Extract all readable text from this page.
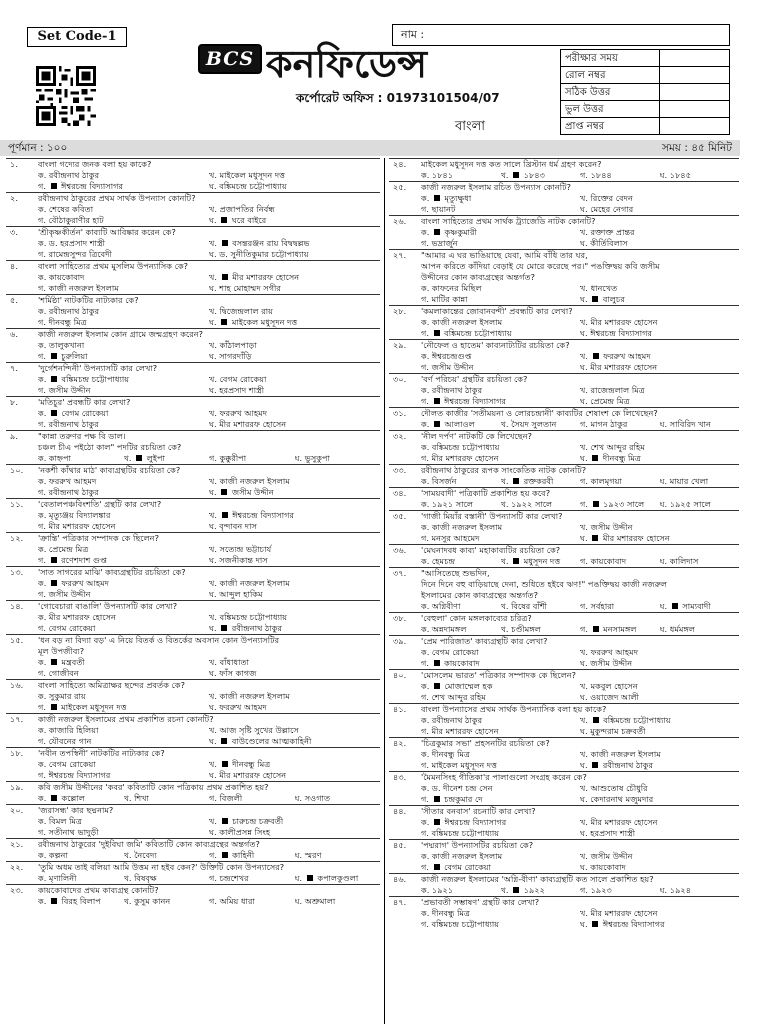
Set Code-1
BCS কনফিডেন্স
কর্পোরেট অফিস : 01973101504/07
বাংলা
নাম :
পরীক্ষার সময়	
রোল নম্বর	
সঠিক উত্তর	
ভুল উত্তর	
প্রাপ্ত নম্বর	
পূর্ণমান : ১০০	সময় : ৪৫ মিনিট
১.	বাংলা গদ্যের জনক বলা হয় কাকে?
ক. রবীন্দ্রনাথ ঠাকুর	খ. মাইকেল মধুসূদন দত্ত
গ.  ঈশ্বরচন্দ্র বিদ্যাসাগর	ঘ. বঙ্কিমচন্দ্র চট্টোপাধ্যায়
২.	রবীন্দ্রনাথ ঠাকুরের প্রথম সার্থক উপন্যাস কোনটি?
ক. শেষের কবিতা	খ. প্রজাপতির নির্বন্ধ
গ. বৌঠাকুরাণীর হাট	ঘ.  ঘরে বাইরে
৩.	'শ্রীকৃষ্ণকীর্তন' কাব্যটি আবিষ্কার করেন কে?
ক. ড. হরপ্রসাদ শাস্ত্রী	খ.  বসন্তরঞ্জন রায় বিদ্বদ্বল্লভ
গ. রামেন্দ্রসুন্দর ত্রিবেদী	ঘ. ড. সুনীতিকুমার চট্টোপাধ্যায়
৪.	বাংলা সাহিত্যের প্রথম মুসলিম উপন্যাসিক কে?
ক. কায়কোবাদ	খ.  মীর মশাররফ হোসেন
গ. কাজী নজরুল ইসলাম	ঘ. শাহ মোহাম্মদ সগীর
৫.	'শর্মিষ্ঠা' নাটকটির নাট্যকার কে?
ক. রবীন্দ্রনাথ ঠাকুর	খ. দ্বিজেন্দ্রলাল রায়
গ. দীনবন্ধু মিত্র	ঘ.  মাইকেল মধুসূদন দত্ত
৬.	কাজী নজরুল ইসলাম কোন গ্রামে জন্মগ্রহণ করেন?
ক. তালুকখানা	খ. কাঁঠালপাড়া
গ.  চুরুলিয়া	ঘ. সাগরদাঁড়ি
৭.	'দুর্গেশনন্দিনী' উপন্যাসটি কার লেখা?
ক.  বঙ্কিমচন্দ্র চট্টোপাধ্যায়	খ. বেগম রোকেয়া
গ. জসীম উদ্দীন	ঘ. হরপ্রসাদ শাস্ত্রী
৮.	'মতিচুর' প্রবন্ধটি কার লেখা?
ক.  বেগম রোকেয়া	খ. ফররুখ আহমদ
গ. রবীন্দ্রনাথ ঠাকুর	ঘ. মীর মশাররফ হোসেন
৯.	"কান্না তরুণর পক্ষ বি ডাল।
চঞ্চল চীএ পইঠো কাল" পদটির রচয়িতা কে?
ক. কাহ্নপা	খ.  লুইপা	গ. কুক্কুরীপা	ঘ. ভুসুকুপা
১০.	'নকশী কাঁথার মাঠ' কাব্যগ্রন্থটির রচয়িতা কে?
ক. ফররুখ আহমদ	খ. কাজী নজরুল ইসলাম
গ. রবীন্দ্রনাথ ঠাকুর	ঘ.  জসীম উদ্দীন
১১.	'বেতালপঞ্চবিংশতি' গ্রন্থটি কার লেখা?
ক. মৃত্যুঞ্জয় বিদ্যালঙ্কার	খ.  ঈশ্বরচন্দ্র বিদ্যাসাগর
গ. মীর মশাররফ হোসেন	ঘ. বৃন্দাবন দাস
১২.	'ক্রান্তি' পত্রিকার সম্পাদক কে ছিলেন?
ক. প্রেমেন্দ্র মিত্র	খ. সত্যেন্দ্র ভট্টাচার্য
গ.  রণেশদাশ গুপ্ত	ঘ. সজনীকান্ত দাস
১৩.	'সাত সাগরের মাঝি' কাব্যগ্রন্থটির রচয়িতা কে?
ক.  ফররুখ আহমদ	খ. কাজী নজরুল ইসলাম
গ. জসীম উদ্দীন	ঘ. আব্দুল হাকিম
১৪.	'গোবেচারা বাঙালি' উপন্যাসটি কার লেখা?
ক. মীর মশাররফ হোসেন	খ. বঙ্কিমচন্দ্র চট্টোপাধ্যায়
গ. বেগম রোকেয়া	ঘ.  রবীন্দ্রনাথ ঠাকুর
১৫.	'ধন বড় না বিদ্যা বড়' এ নিয়ে বিতর্ক ও বিতর্কের অবসান কোন উপন্যাসটির
মূল উপজীব্য?
ক.  মন্ত্রবতী	খ. বাঁধাধাতা
গ. গোজীবন	ঘ. ফাঁস কাগজ
১৬.	বাংলা সাহিত্যে অমিত্রাক্ষর ছন্দের প্রবর্তক কে?
ক. সুকুমার রায়	খ. কাজী নজরুল ইসলাম
গ.  মাইকেল মধুসূদন দত্ত	ঘ. ফররুখ আহমদ
১৭.	কাজী নজরুল ইসলামের প্রথম প্রকাশিত রচনা কোনটি?
ক. কাজারি হিলিয়া	খ. আজ সৃষ্টি সুখের উল্লাসে
গ. যৌবনের গান	ঘ.  বাউণ্ডেলের আত্মকাহিনী
১৮.	'নবীন তপস্বিনী' নাটকটির নাট্যকার কে?
ক. বেগম রোকেয়া	খ.  দীনবন্ধু মিত্র
গ. ঈশ্বরচন্দ্র বিদ্যাসাগর	ঘ. মীর মশাররফ হোসেন
১৯.	কবি জসীম উদ্দীনের 'কবর' কবিতাটি কোন পত্রিকায় প্রথম প্রকাশিত হয়?
ক.  কল্লোল	খ. শিখা	গ. বিজলী	ঘ. সওগাত
২০.	'জরাসন্ধ' কার ছদ্মনাম?
ক. বিমল মিত্র	খ.  চারুচন্দ্র চক্রবর্তী
গ. সতীনাথ ভাদুড়ী	ঘ. কালীপ্রসন্ন সিংহ
২১.	রবীন্দ্রনাথ ঠাকুরের 'দুইবিঘা জমি' কবিতাটি কোন কাব্যগ্রন্থের অন্তর্গত?
ক. কল্পনা	খ. নৈবেদ্য	গ.  কাহিনী	ঘ. স্মরণ
২২.	'তুমি অধম তাই বলিয়া আমি উত্তম না হইব কেন?' উক্তিটি কোন উপন্যাসের?
ক. মৃণালিনী	খ. বিষবৃক্ষ	গ. চন্দ্রশেখর	ঘ.  কপালকুণ্ডলা
২৩.	কায়কোবাদের প্রথম কাব্যগ্রন্থ কোনটি?
ক.  বিরহ বিলাপ	খ. কুসুম কানন	গ. অমিয় ধারা	ঘ. অশ্রুমালা
২৪.	মাইকেল মধুসূদন দত্ত কত সালে খ্রিস্টান ধর্ম গ্রহণ করেন?
ক. ১৮৪১	খ.  ১৮৪৩	গ. ১৮৪৪	ঘ. ১৮৪৫
২৫.	কাজী নজরুল ইসলাম রচিত উপন্যাস কোনটি?
ক.  মৃত্যুক্ষুধা	খ. রিক্তের বেদন
গ. ছায়ানট	ঘ. মেহের নেগার
২৬.	বাংলা সাহিত্যের প্রথম সার্থক ট্র্যাজেডি নাটক কোনটি?
ক.  কৃষ্ণকুমারী	খ. রক্তাক্ত প্রান্তর
গ. ভদ্রার্জুন	ঘ. কীর্তিবিলাস
২৭.	"আমার এ ঘর ভাঙিয়াছে যেবা, আমি বাঁধি তার ঘর,
আপন করিতে কাঁদিয়া বেড়াই যে মোরে করেছে পর।" পঙক্তিদ্বয় কবি জসীম
উদ্দীনের কোন কাব্যগ্রন্থের অন্তর্গত?
ক. কাফনের মিছিল	খ. ধানখেত
গ. মাটির কান্না	ঘ.  বালুচর
২৮.	'কমলাকান্তের জোবানবন্দী' প্রবন্ধটি কার লেখা?
ক. কাজী নজরুল ইসলাম	খ. মীর মশাররফ হোসেন
গ.  বঙ্কিমচন্দ্র চট্টোপাধ্যায়	ঘ. ঈশ্বরচন্দ্র বিদ্যাসাগর
২৯.	'নৌফেল ও হাতেম' কাব্যনাট্যটির রচয়িতা কে?
ক. ঈশ্বরচন্দ্রগুপ্ত	খ.  ফররুখ আহমদ
গ. জসীম উদ্দীন	ঘ. মীর মশাররফ হোসেন
৩০.	'বর্ণ পরিচয়' গ্রন্থটির রচয়িতা কে?
ক. রবীন্দ্রনাথ ঠাকুর	খ. রাজেন্দ্রলাল মিত্র
গ.  ঈশ্বরচন্দ্র বিদ্যাসাগর	ঘ. প্রেমেন্দ্র মিত্র
৩১.	দৌলত কাজীর 'সতীময়না ও লোরচন্দ্রানী' কাব্যটির শেষাংশ কে লিখেছেন?
ক.  আলাওল	খ. সৈয়দ সুলতান	গ. মাগন ঠাকুর	ঘ. সাবিরিদ খান
৩২.	'নীল দর্পণ' নাটকটি কে লিখেছেন?
ক. বঙ্কিমচন্দ্র চট্টোপাধ্যায়	খ. শেখ আব্দুর রহিম
গ. মীর মশাররফ হোসেন	ঘ.  দীনবন্ধু মিত্র
৩৩.	রবীন্দ্রনাথ ঠাকুরের রূপক সাংকেতিক নাটক কোনটি?
ক. বিসর্জন	খ.  রক্তকরবী	গ. কালমৃগয়া	ঘ. মায়ার খেলা
৩৪.	'সাময়বাদী' পত্রিকাটি প্রকাশিত হয় কবে?
ক. ১৯২১ সালে	খ. ১৯২২ সালে	গ.  ১৯২৩ সালে	ঘ. ১৯২৫ সালে
৩৫.	'গাজী মিয়াঁর বস্তানী' উপন্যাসটি কার লেখা?
ক. কাজী নজরুল ইসলাম	খ. জসীম উদ্দীন
গ. মনসুর আহমেদ	ঘ.  মীর মশাররফ হোসেন
৩৬.	'মেঘনাদবধ কাব্য' মহাকাব্যটির রচয়িতা কে?
ক. হেমচন্দ্র	খ.  মধুসূদন দত্ত	গ. কায়কোবাদ	ঘ. কালিদাস
৩৭.	"আসিতেছে শুভদিন,
দিনে দিনে বহু বাড়িয়াছে দেনা, শুধিতে হইবে ঋণ!" পঙক্তিদ্বয় কাজী নজরুল
ইসলামের কোন কাব্যগ্রন্থের অন্তর্গত?
ক. অগ্নিবীণা	খ. বিষের বাঁশী	গ. সর্বহারা	ঘ.  সাম্যবাদী
৩৮.	'বেহুলা' কোন মঙ্গলকাব্যের চরিত্র?
ক. অন্নদামঙ্গল	খ. চণ্ডীমঙ্গল	গ.  মনসামঙ্গল	ঘ. ধর্মমঙ্গল
৩৯.	'প্রেম পারিজাত' কাব্যগ্রন্থটি কার লেখা?
ক. বেগম রোকেয়া	খ. ফররুখ আহমদ
গ.  কায়কোবাদ	ঘ. জসীম উদ্দীন
৪০.	'মোসলেম ভারত' পত্রিকার সম্পাদক কে ছিলেন?
ক.  মোজাম্মেল হক	খ. মকবুল হোসেন
গ. শেখ আব্দুর রহিম	ঘ. ওয়াজেদ আলী
৪১.	বাংলা উপন্যাসের প্রথম সার্থক উপন্যাসিক বলা হয় কাকে?
ক. রবীন্দ্রনাথ ঠাকুর	খ.  বঙ্কিমচন্দ্র চট্টোপাধ্যায়
গ. মীর মশাররফ হোসেন	ঘ. মুকুন্দরাম চক্রবর্তী
৪২.	'চিত্রকুমার সভা' প্রহসনটির রচয়িতা কে?
ক. দীনবন্ধু মিত্র	খ. কাজী নজরুল ইসলাম
গ. মাইকেল মধুসূদন দত্ত	ঘ.  রবীন্দ্রনাথ ঠাকুর
৪৩.	'মৈমনসিংহ গীতিকা'র পালাগুলো সংগ্রহ করেন কে?
ক. ড. দীনেশ চন্দ্র সেন	খ. আশুতোষ চৌধুরি
গ.  চন্দ্রকুমার দে	ঘ. কেদারনাথ মজুমদার
৪৪.	'সীতার বনবাস' রচনাটি কার লেখা?
ক.  ঈশ্বরচন্দ্র বিদ্যাসাগর	খ. মীর মশাররফ হোসেন
গ. বঙ্কিমচন্দ্র চট্টোপাধ্যায়	ঘ. হরপ্রসাদ শাস্ত্রী
৪৫.	'পদ্মরাগ' উপন্যাসটির রচয়িতা কে?
ক. কাজী নজরুল ইসলাম	খ. জসীম উদ্দীন
গ.  বেগম রোকেয়া	ঘ. কায়কোবাদ
৪৬.	কাজী নজরুল ইসলামের 'অগ্নি-বীণা' কাব্যগ্রন্থটি কত সালে প্রকাশিত হয়?
ক. ১৯২১	খ.  ১৯২২	গ. ১৯২৩	ঘ. ১৯২৪
৪৭.	'প্রভাবতী সম্ভাষণ' গ্রন্থটি কার লেখা?
ক. দীনবন্ধু মিত্র	খ. মীর মশাররফ হোসেন
গ. বঙ্কিমচন্দ্র চট্টোপাধ্যায়	ঘ.  ঈশ্বরচন্দ্র বিদ্যাসাগর
